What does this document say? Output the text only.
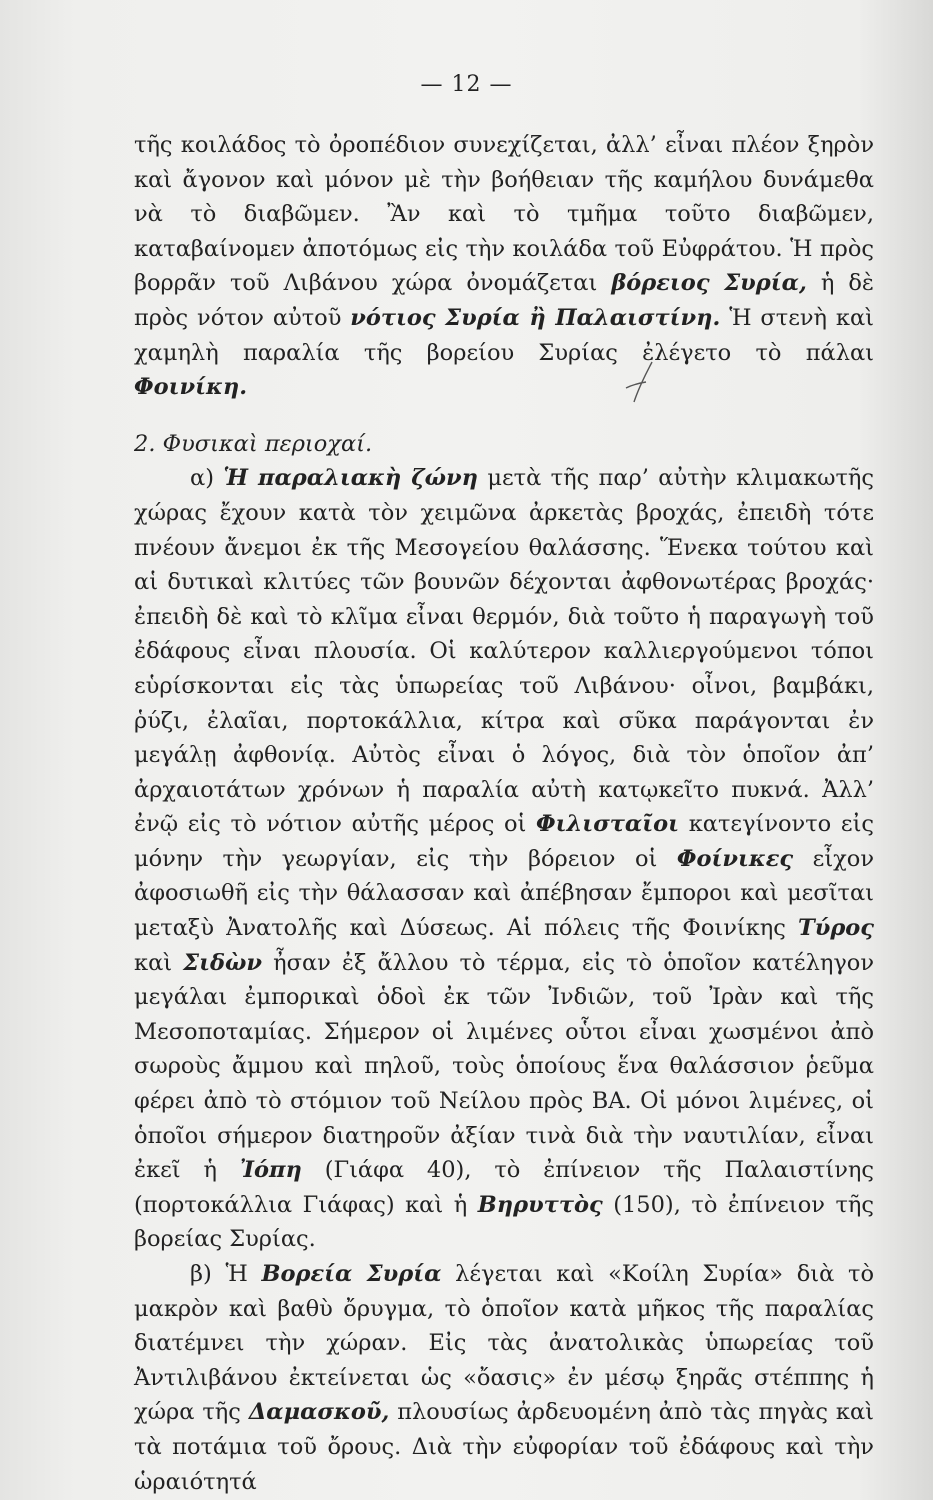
— 12 —

τῆς κοιλάδος τὸ ὀροπέδιον συνεχίζεται, ἀλλ’ εἶναι πλέον ξηρὸν καὶ ἄγονον καὶ μόνον μὲ τὴν βοήθειαν τῆς καμήλου δυνάμεθα νὰ τὸ διαβῶμεν. Ἂν καὶ τὸ τμῆμα τοῦτο διαβῶμεν, καταβαίνομεν ἀποτόμως εἰς τὴν κοιλάδα τοῦ Εὐφράτου. Ἡ πρὸς βορρᾶν τοῦ Λιβάνου χώρα ὀνομάζεται βόρειος Συρία, ἡ δὲ πρὸς νότον αὐτοῦ νότιος Συρία ἢ Παλαιστίνη. Ἡ στενὴ καὶ χαμηλὴ παραλία τῆς βορείου Συρίας ἐλέγετο τὸ πάλαι Φοινίκη.

2. Φυσικαὶ περιοχαί.

α) Ἡ παραλιακὴ ζώνη μετὰ τῆς παρ’ αὐτὴν κλιμακωτῆς χώρας ἔχουν κατὰ τὸν χειμῶνα ἀρκετὰς βροχάς, ἐπειδὴ τότε πνέουν ἄνεμοι ἐκ τῆς Μεσογείου θαλάσσης. Ἕνεκα τούτου καὶ αἱ δυτικαὶ κλιτύες τῶν βουνῶν δέχονται ἀφθονωτέρας βροχάς· ἐπειδὴ δὲ καὶ τὸ κλῖμα εἶναι θερμόν, διὰ τοῦτο ἡ παραγωγὴ τοῦ ἐδάφους εἶναι πλουσία. Οἱ καλύτερον καλλιεργούμενοι τόποι εὑρίσκονται εἰς τὰς ὑπωρείας τοῦ Λιβάνου· οἶνοι, βαμβάκι, ῥύζι, ἐλαῖαι, πορτοκάλλια, κίτρα καὶ σῦκα παράγονται ἐν μεγάλῃ ἀφθονίᾳ. Αὐτὸς εἶναι ὁ λόγος, διὰ τὸν ὁποῖον ἀπ’ ἀρχαιοτάτων χρόνων ἡ παραλία αὐτὴ κατῳκεῖτο πυκνά. Ἀλλ’ ἐνῷ εἰς τὸ νότιον αὐτῆς μέρος οἱ Φιλισταῖοι κατεγίνοντο εἰς μόνην τὴν γεωργίαν, εἰς τὴν βόρειον οἱ Φοίνικες εἶχον ἀφοσιωθῆ εἰς τὴν θάλασσαν καὶ ἀπέβησαν ἔμποροι καὶ μεσῖται μεταξὺ Ἀνατολῆς καὶ Δύσεως. Αἱ πόλεις τῆς Φοινίκης Τύρος καὶ Σιδὼν ἦσαν ἐξ ἄλλου τὸ τέρμα, εἰς τὸ ὁποῖον κατέληγον μεγάλαι ἐμπορικαὶ ὁδοὶ ἐκ τῶν Ἰνδιῶν, τοῦ Ἰρὰν καὶ τῆς Μεσοποταμίας. Σήμερον οἱ λιμένες οὗτοι εἶναι χωσμένοι ἀπὸ σωροὺς ἄμμου καὶ πηλοῦ, τοὺς ὁποίους ἕνα θαλάσσιον ῥεῦμα φέρει ἀπὸ τὸ στόμιον τοῦ Νείλου πρὸς ΒΑ. Οἱ μόνοι λιμένες, οἱ ὁποῖοι σήμερον διατηροῦν ἀξίαν τινὰ διὰ τὴν ναυτιλίαν, εἶναι ἐκεῖ ἡ Ἰόπη (Γιάφα 40), τὸ ἐπίνειον τῆς Παλαιστίνης (πορτοκάλλια Γιάφας) καὶ ἡ Βηρυττὸς (150), τὸ ἐπίνειον τῆς βορείας Συρίας.

β) Ἡ Βορεία Συρία λέγεται καὶ «Κοίλη Συρία» διὰ τὸ μακρὸν καὶ βαθὺ ὄρυγμα, τὸ ὁποῖον κατὰ μῆκος τῆς παραλίας διατέμνει τὴν χώραν. Εἰς τὰς ἀνατολικὰς ὑπωρείας τοῦ Ἀντιλιβάνου ἐκτείνεται ὡς «ὄασις» ἐν μέσῳ ξηρᾶς στέππης ἡ χώρα τῆς Δαμασκοῦ, πλουσίως ἀρδευομένη ἀπὸ τὰς πηγὰς καὶ τὰ ποτάμια τοῦ ὄρους. Διὰ τὴν εὐφορίαν τοῦ ἐδάφους καὶ τὴν ὡραιότητά
